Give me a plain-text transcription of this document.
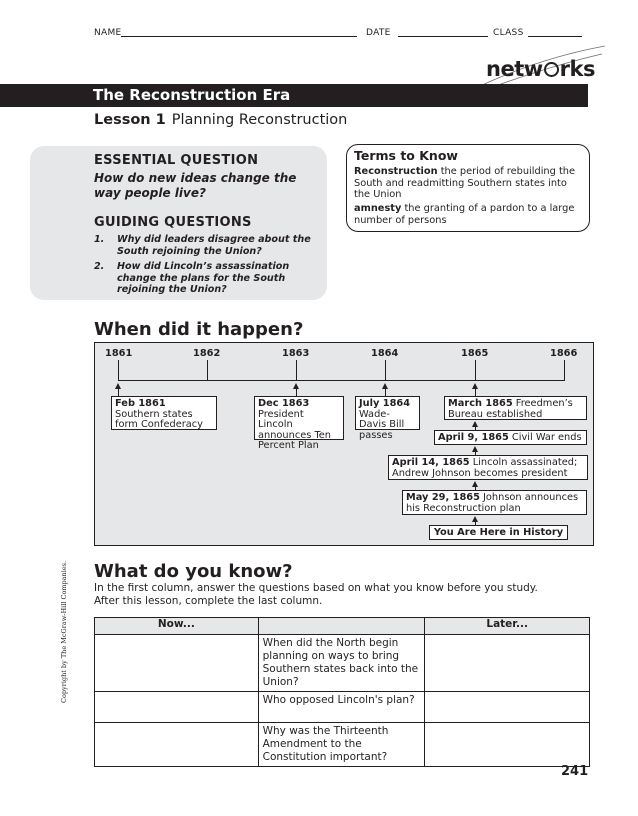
NAME	DATE	CLASS
netw rks
The Reconstruction Era
Lesson 1 Planning Reconstruction
ESSENTIAL QUESTION
How do new ideas change the way people live?
GUIDING QUESTIONS
1.	Why did leaders disagree about the South rejoining the Union?
2.	How did Lincoln’s assassination change the plans for the South rejoining the Union?
Terms to Know
Reconstruction the period of rebuilding the South and readmitting Southern states into the Union
amnesty the granting of a pardon to a large number of persons
When did it happen?
1861	1862	1863	1864	1865	1866
Feb 1861
Southern states form Confederacy
Dec 1863
President Lincoln announces Ten Percent Plan
July 1864
Wade-Davis Bill passes
March 1865 Freedmen’s Bureau established
April 9, 1865 Civil War ends
April 14, 1865 Lincoln assassinated; Andrew Johnson becomes president
May 29, 1865 Johnson announces his Reconstruction plan
You Are Here in History
What do you know?
In the first column, answer the questions based on what you know before you study.
After this lesson, complete the last column.
Now...		Later...
	When did the North begin planning on ways to bring Southern states back into the Union?	
	Who opposed Lincoln's plan?	
	Why was the Thirteenth Amendment to the Constitution important?	
241
Copyright by The McGraw-Hill Companies.
